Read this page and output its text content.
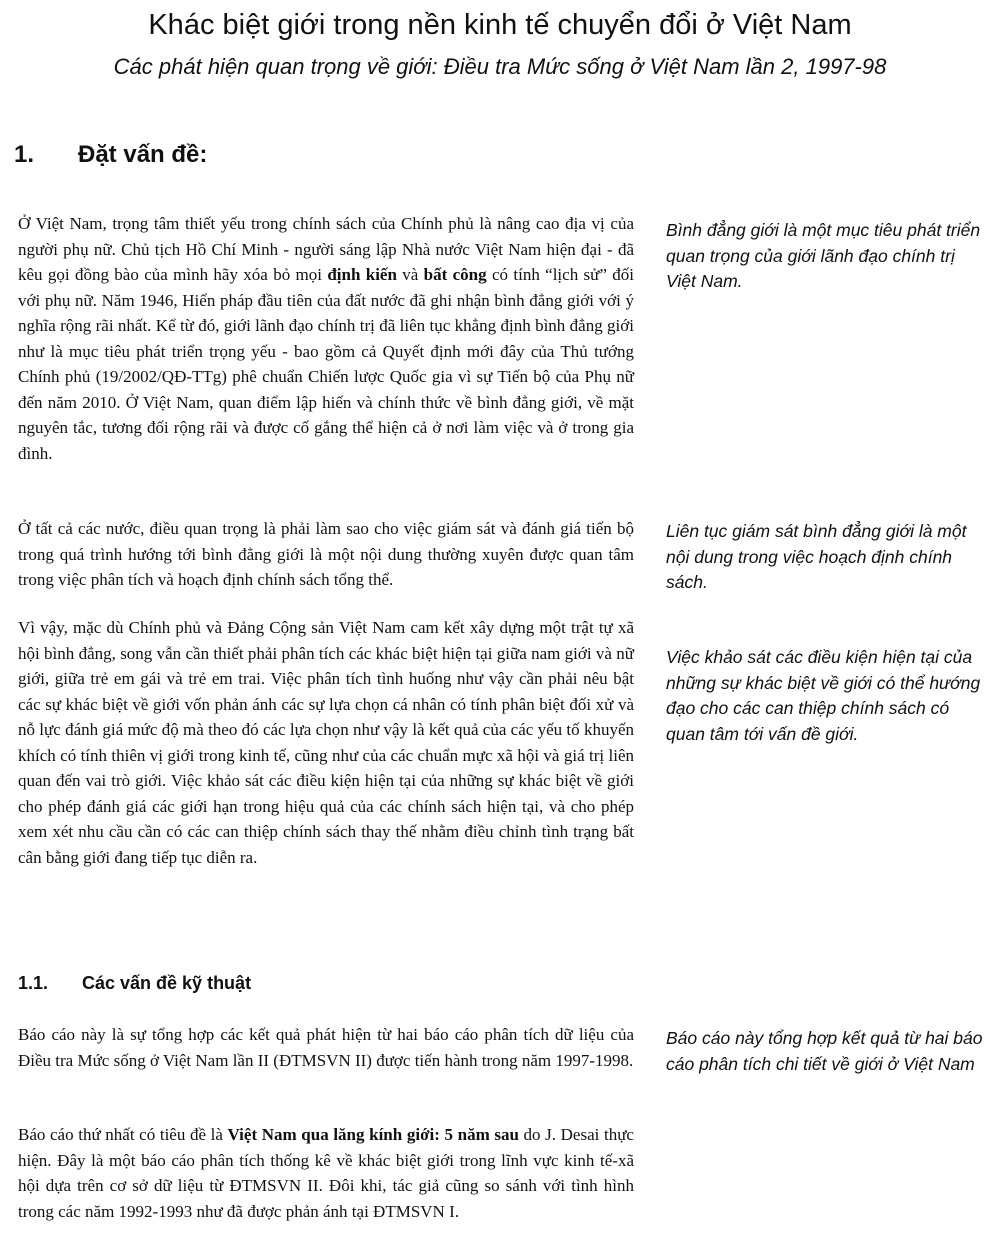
Khác biệt giới trong nền kinh tế chuyển đổi ở Việt Nam
Các phát hiện quan trọng về giới: Điều tra Mức sống ở Việt Nam lần 2, 1997-98
1. Đặt vấn đề:

Ở Việt Nam, trọng tâm thiết yếu trong chính sách của Chính phủ là nâng cao địa vị của người phụ nữ. Chủ tịch Hồ Chí Minh - người sáng lập Nhà nước Việt Nam hiện đại - đã kêu gọi đồng bào của mình hãy xóa bỏ mọi định kiến và bất công có tính “lịch sử” đối với phụ nữ. Năm 1946, Hiến pháp đầu tiên của đất nước đã ghi nhận bình đẳng giới với ý nghĩa rộng rãi nhất. Kể từ đó, giới lãnh đạo chính trị đã liên tục khẳng định bình đẳng giới như là mục tiêu phát triển trọng yếu - bao gồm cả Quyết định mới đây của Thủ tướng Chính phủ (19/2002/QĐ-TTg) phê chuẩn Chiến lược Quốc gia vì sự Tiến bộ của Phụ nữ đến năm 2010. Ở Việt Nam, quan điểm lập hiến và chính thức về bình đẳng giới, về mặt nguyên tắc, tương đối rộng rãi và được cố gắng thể hiện cả ở nơi làm việc và ở trong gia đình.

Ở tất cả các nước, điều quan trọng là phải làm sao cho việc giám sát và đánh giá tiến bộ trong quá trình hướng tới bình đẳng giới là một nội dung thường xuyên được quan tâm trong việc phân tích và hoạch định chính sách tổng thể.

Vì vậy, mặc dù Chính phủ và Đảng Cộng sản Việt Nam cam kết xây dựng một trật tự xã hội bình đẳng, song vẫn cần thiết phải phân tích các khác biệt hiện tại giữa nam giới và nữ giới, giữa trẻ em gái và trẻ em trai. Việc phân tích tình huống như vậy cần phải nêu bật các sự khác biệt về giới vốn phản ánh các sự lựa chọn cá nhân có tính phân biệt đối xử và nỗ lực đánh giá mức độ mà theo đó các lựa chọn như vậy là kết quả của các yếu tố khuyến khích có tính thiên vị giới trong kinh tế, cũng như của các chuẩn mực xã hội và giá trị liên quan đến vai trò giới. Việc khảo sát các điều kiện hiện tại của những sự khác biệt về giới cho phép đánh giá các giới hạn trong hiệu quả của các chính sách hiện tại, và cho phép xem xét nhu cầu cần có các can thiệp chính sách thay thế nhằm điều chỉnh tình trạng bất cân bằng giới đang tiếp tục diễn ra.

1.1. Các vấn đề kỹ thuật

Báo cáo này là sự tổng hợp các kết quả phát hiện từ hai báo cáo phân tích dữ liệu của Điều tra Mức sống ở Việt Nam lần II (ĐTMSVN II) được tiến hành trong năm 1997-1998.

Báo cáo thứ nhất có tiêu đề là Việt Nam qua lăng kính giới: 5 năm sau do J. Desai thực hiện. Đây là một báo cáo phân tích thống kê về khác biệt giới trong lĩnh vực kinh tế-xã hội dựa trên cơ sở dữ liệu từ ĐTMSVN II. Đôi khi, tác giả cũng so sánh với tình hình trong các năm 1992-1993 như đã được phản ánh tại ĐTMSVN I.

Bình đẳng giới là một mục tiêu phát triển quan trọng của giới lãnh đạo chính trị Việt Nam.

Liên tục giám sát bình đẳng giới là một nội dung trong việc hoạch định chính sách.

Việc khảo sát các điều kiện hiện tại của những sự khác biệt về giới có thể hướng đạo cho các can thiệp chính sách có quan tâm tới vấn đề giới.

Báo cáo này tổng hợp kết quả từ hai báo cáo phân tích chi tiết về giới ở Việt Nam
